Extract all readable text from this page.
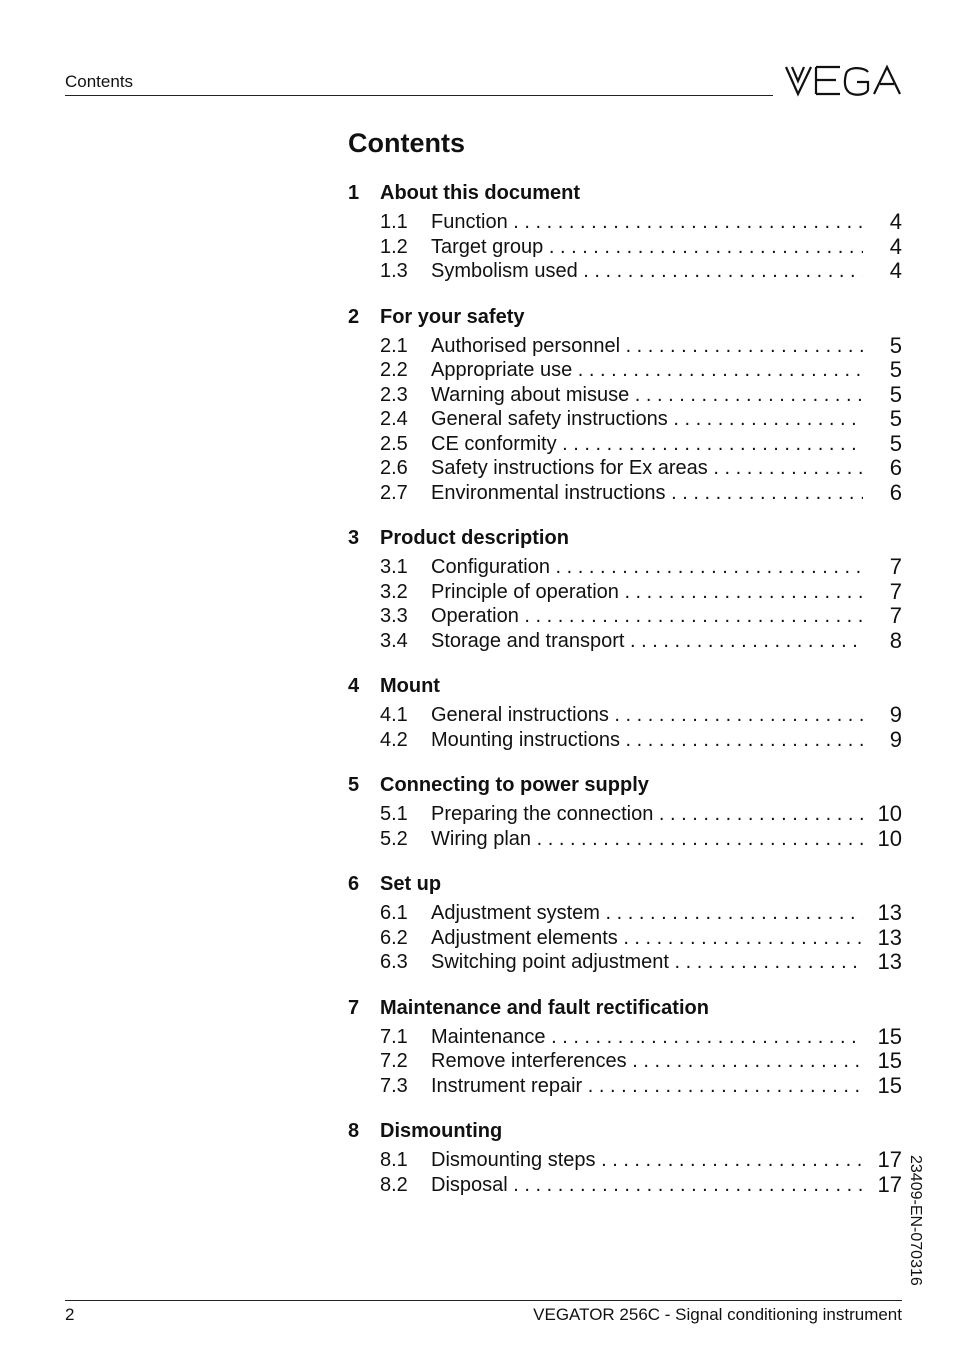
Contents
Contents
1	About this document
1.1	Function . . .	4
1.2	Target group . . .	4
1.3	Symbolism used . . .	4
2	For your safety
2.1	Authorised personnel . . .	5
2.2	Appropriate use . . .	5
2.3	Warning about misuse . . .	5
2.4	General safety instructions . . .	5
2.5	CE conformity . . .	5
2.6	Safety instructions for Ex areas . . .	6
2.7	Environmental instructions . . .	6
3	Product description
3.1	Configuration . . .	7
3.2	Principle of operation . . .	7
3.3	Operation . . .	7
3.4	Storage and transport . . .	8
4	Mount
4.1	General instructions . . .	9
4.2	Mounting instructions . . .	9
5	Connecting to power supply
5.1	Preparing the connection . . .	10
5.2	Wiring plan . . .	10
6	Set up
6.1	Adjustment system . . .	13
6.2	Adjustment elements . . .	13
6.3	Switching point adjustment . . .	13
7	Maintenance and fault rectification
7.1	Maintenance . . .	15
7.2	Remove interferences . . .	15
7.3	Instrument repair . . .	15
8	Dismounting
8.1	Dismounting steps . . .	17
8.2	Disposal . . .	17
2	VEGATOR 256C - Signal conditioning instrument
23409-EN-070316
